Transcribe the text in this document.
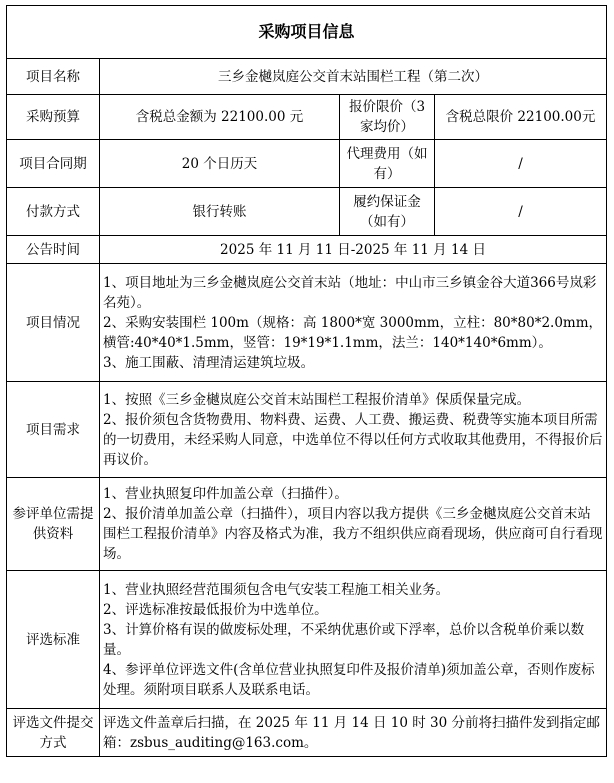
采购项目信息			
项目名称	三乡金樾岚庭公交首末站围栏工程（第二次）		
采购预算	含税总金额为 22100.00 元	报价限价（3家均价）	含税总限价 22100.00元
项目合同期	20 个日历天	代理费用（如有）	/
付款方式	银行转账	履约保证金（如有）	/
公告时间	2025 年 11 月 11 日-2025 年 11 月 14 日		
项目情况	1、项目地址为三乡金樾岚庭公交首末站（地址：中山市三乡镇金谷大道366号岚彩名苑）。
2、采购安装围栏 100m（规格：高 1800*宽 3000mm，立柱：80*80*2.0mm，横管:40*40*1.5mm，竖管：19*19*1.1mm，法兰：140*140*6mm）。
3、施工围蔽、清理清运建筑垃圾。		

项目需求	1、按照《三乡金樾岚庭公交首末站围栏工程报价清单》保质保量完成。
2、报价须包含货物费用、物料费、运费、人工费、搬运费、税费等实施本项目所需的一切费用，未经采购人同意，中选单位不得以任何方式收取其他费用，不得报价后再议价。		

参评单位需提供资料	1、营业执照复印件加盖公章（扫描件）。
2、报价清单加盖公章（扫描件），项目内容以我方提供《三乡金樾岚庭公交首末站围栏工程报价清单》内容及格式为准，我方不组织供应商看现场，供应商可自行看现场。		

评选标准	1、营业执照经营范围须包含电气安装工程施工相关业务。
2、评选标准按最低报价为中选单位。
3、计算价格有误的做废标处理，不采纳优惠价或下浮率，总价以含税单价乘以数量。
4、参评单位评选文件(含单位营业执照复印件及报价清单)须加盖公章，否则作废标处理。须附项目联系人及联系电话。		

评选文件提交方式	评选文件盖章后扫描，在 2025 年 11 月 14 日 10 时 30 分前将扫描件发到指定邮箱：zsbus_auditing@163.com。		
